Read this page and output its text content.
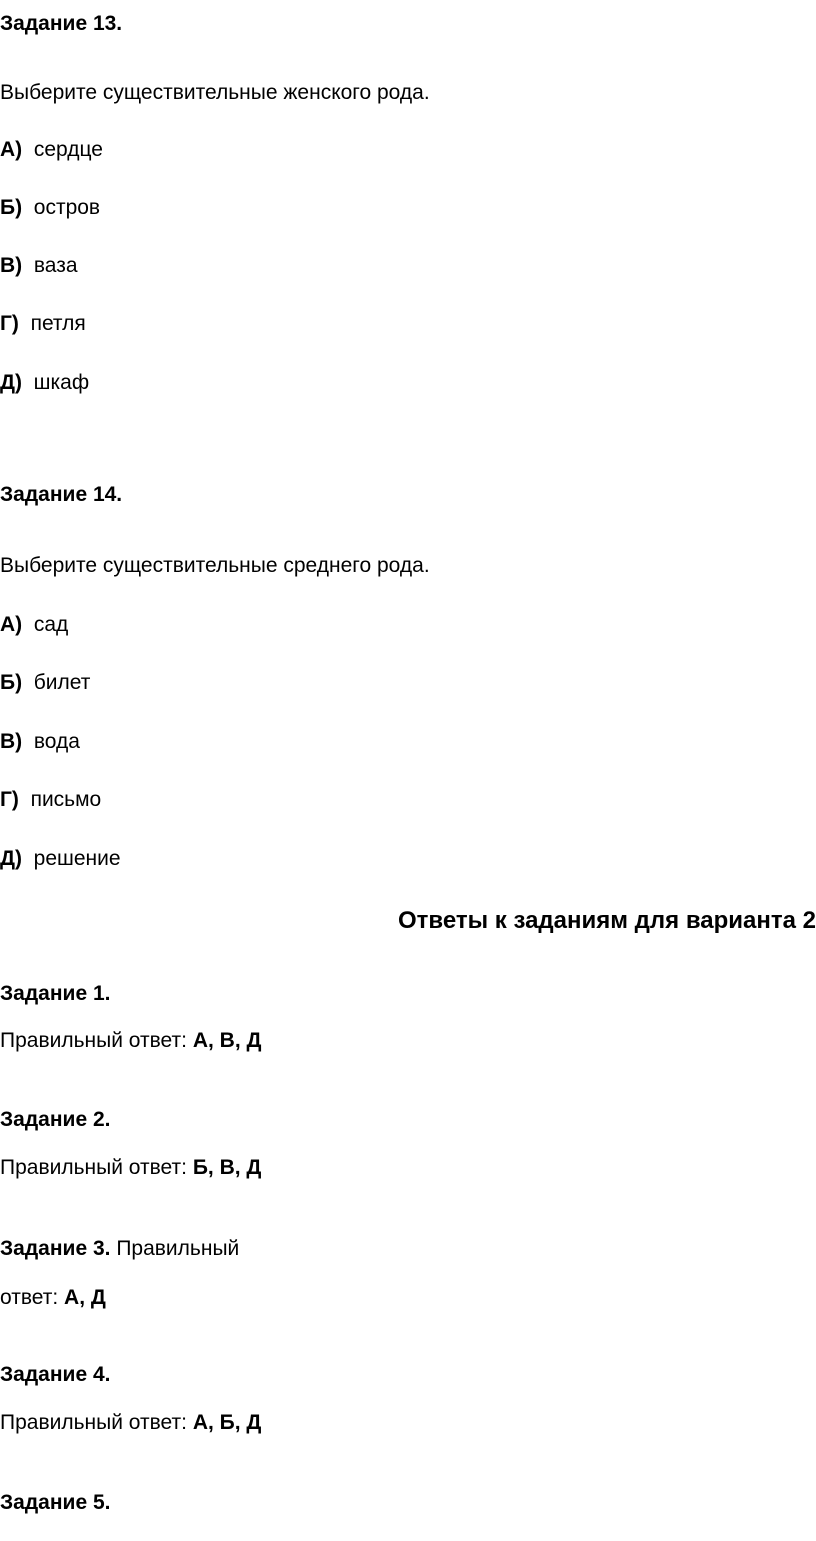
Задание 13.

Выберите существительные женского рода.

А) сердце

Б) остров

В) ваза

Г) петля

Д) шкаф

Задание 14.

Выберите существительные среднего рода.

А) сад

Б) билет

В) вода

Г) письмо

Д) решение

Ответы к заданиям для варианта 2

Задание 1.

Правильный ответ: А, В, Д

Задание 2.

Правильный ответ: Б, В, Д

Задание 3. Правильный

ответ: А, Д

Задание 4.

Правильный ответ: А, Б, Д

Задание 5.
